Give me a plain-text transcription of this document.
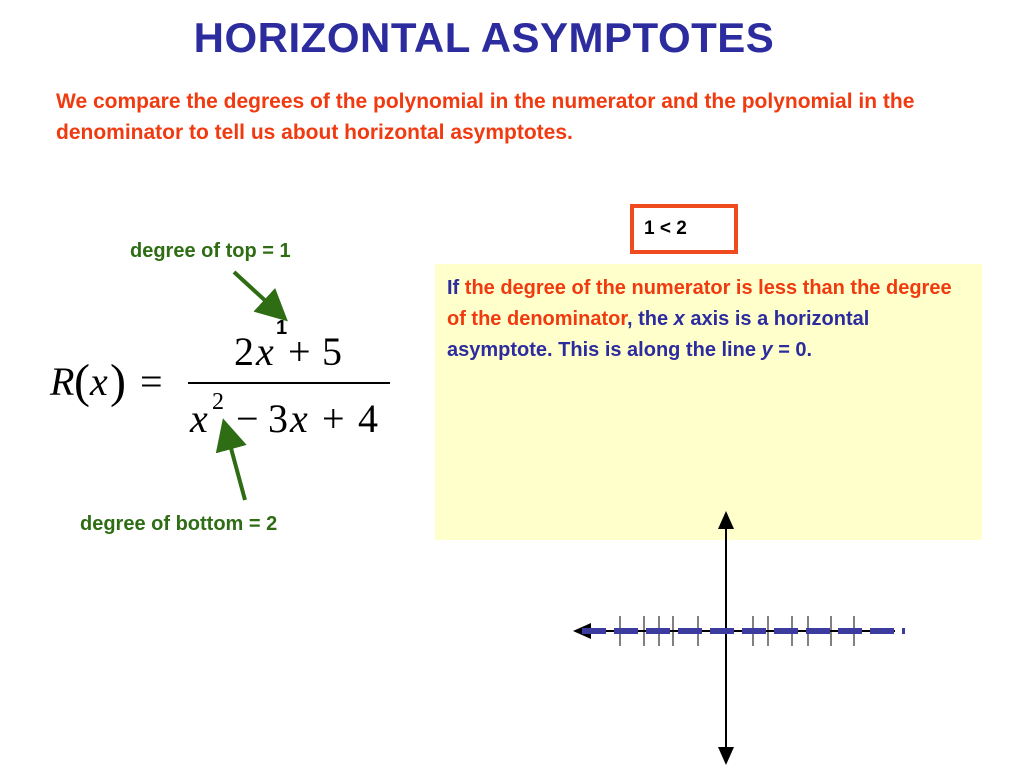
HORIZONTAL ASYMPTOTES
We compare the degrees of the polynomial in the numerator and the polynomial in the denominator to tell us about horizontal asymptotes.
degree of top = 1
degree of bottom = 2
1
R ( x ) =
2 x + 5
x 2 − 3 x + 4
1 < 2

If the degree of the numerator is less than the degree of the denominator, the x axis is a horizontal asymptote. This is along the line y = 0.
